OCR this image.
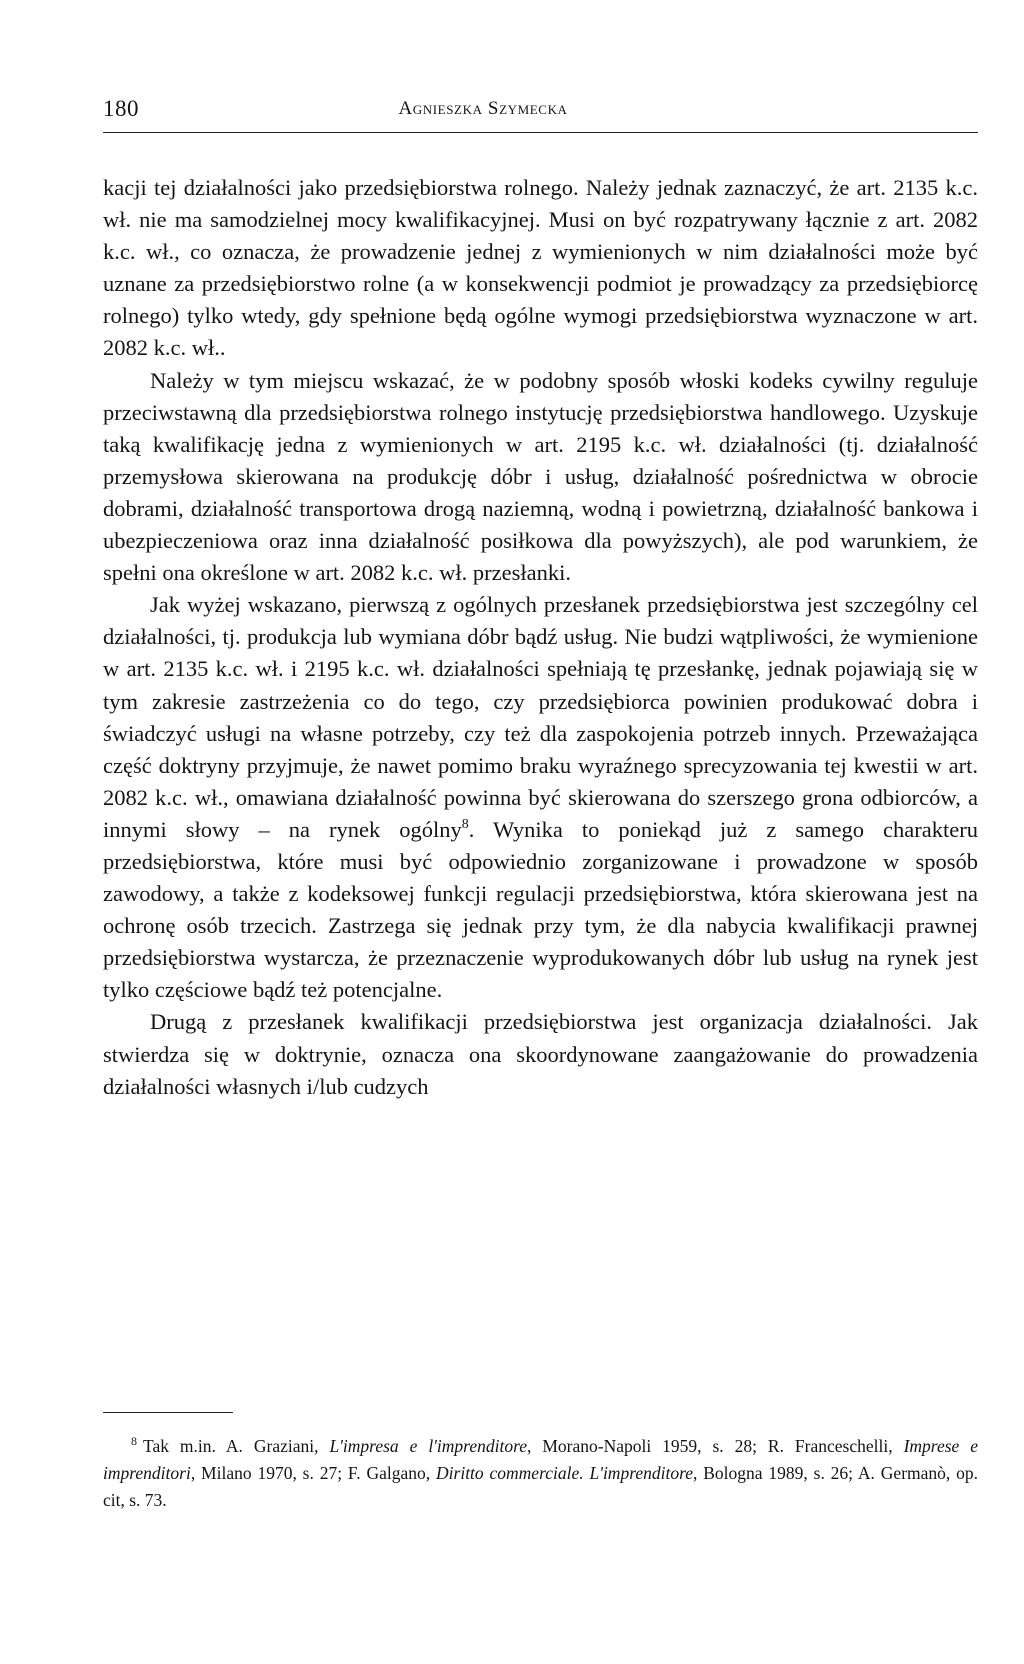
180	Agnieszka Szymecka

kacji tej działalności jako przedsiębiorstwa rolnego. Należy jednak zaznaczyć, że art. 2135 k.c. wł. nie ma samodzielnej mocy kwalifikacyjnej. Musi on być rozpatrywany łącznie z art. 2082 k.c. wł., co oznacza, że prowadzenie jednej z wymienionych w nim działalności może być uznane za przedsiębiorstwo rolne (a w konsekwencji podmiot je prowadzący za przedsiębiorcę rolnego) tylko wtedy, gdy spełnione będą ogólne wymogi przedsiębiorstwa wyznaczone w art. 2082 k.c. wł..

Należy w tym miejscu wskazać, że w podobny sposób włoski kodeks cywilny reguluje przeciwstawną dla przedsiębiorstwa rolnego instytucję przedsiębiorstwa handlowego. Uzyskuje taką kwalifikację jedna z wymienionych w art. 2195 k.c. wł. działalności (tj. działalność przemysłowa skierowana na produkcję dóbr i usług, działalność pośrednictwa w obrocie dobrami, działalność transportowa drogą naziemną, wodną i powietrzną, działalność bankowa i ubezpieczeniowa oraz inna działalność posiłkowa dla powyższych), ale pod warunkiem, że spełni ona określone w art. 2082 k.c. wł. przesłanki.

Jak wyżej wskazano, pierwszą z ogólnych przesłanek przedsiębiorstwa jest szczególny cel działalności, tj. produkcja lub wymiana dóbr bądź usług. Nie budzi wątpliwości, że wymienione w art. 2135 k.c. wł. i 2195 k.c. wł. działalności spełniają tę przesłankę, jednak pojawiają się w tym zakresie zastrzeżenia co do tego, czy przedsiębiorca powinien produkować dobra i świadczyć usługi na własne potrzeby, czy też dla zaspokojenia potrzeb innych. Przeważająca część doktryny przyjmuje, że nawet pomimo braku wyraźnego sprecyzowania tej kwestii w art. 2082 k.c. wł., omawiana działalność powinna być skierowana do szerszego grona odbiorców, a innymi słowy – na rynek ogólny$^8$. Wynika to poniekąd już z samego charakteru przedsiębiorstwa, które musi być odpowiednio zorganizowane i prowadzone w sposób zawodowy, a także z kodeksowej funkcji regulacji przedsiębiorstwa, która skierowana jest na ochronę osób trzecich. Zastrzega się jednak przy tym, że dla nabycia kwalifikacji prawnej przedsiębiorstwa wystarcza, że przeznaczenie wyprodukowanych dóbr lub usług na rynek jest tylko częściowe bądź też potencjalne.

Drugą z przesłanek kwalifikacji przedsiębiorstwa jest organizacja działalności. Jak stwierdza się w doktrynie, oznacza ona skoordynowane zaangażowanie do prowadzenia działalności własnych i/lub cudzych

$^8$ Tak m.in. A. Graziani, L'impresa e l'imprenditore, Morano-Napoli 1959, s. 28; R. Franceschelli, Imprese e imprenditori, Milano 1970, s. 27; F. Galgano, Diritto commerciale. L'imprenditore, Bologna 1989, s. 26; A. Germanò, op. cit, s. 73.
